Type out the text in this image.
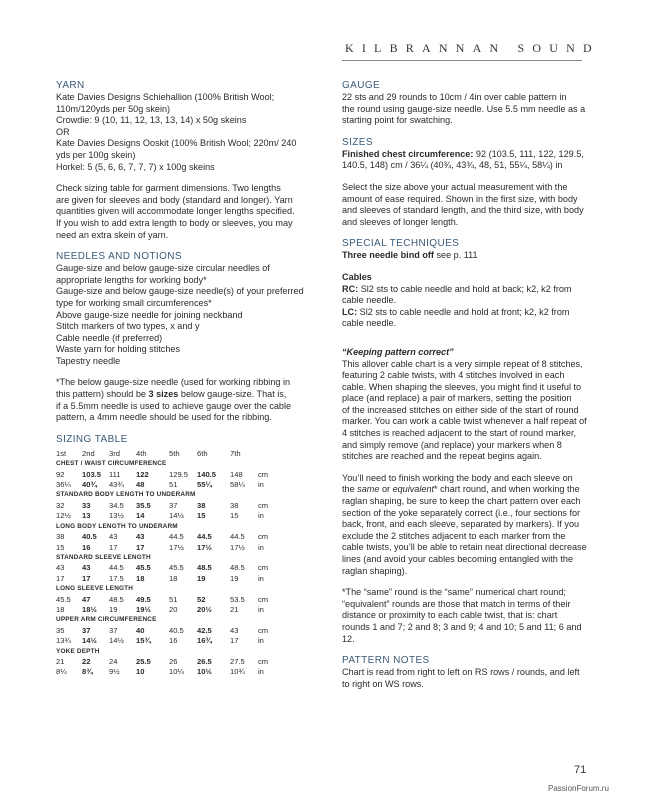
KILBRANNAN SOUND
YARN

Kate Davies Designs Schiehallion (100% British Wool;

110m/120yds per 50g skein)

Crowdie: 9 (10, 11, 12, 13, 13, 14) x 50g skeins

OR

Kate Davies Designs Ooskit (100% British Wool; 220m/ 240

yds per 100g skein)

Horkel: 5 (5, 6, 6, 7, 7, 7) x 100g skeins

Check sizing table for garment dimensions. Two lengths

are given for sleeves and body (standard and longer). Yarn

quantities given will accommodate longer lengths specified.

If you wish to add extra length to body or sleeves, you may

need an extra skein of yarn.

NEEDLES AND NOTIONS

Gauge-size and below gauge-size circular needles of

appropriate lengths for working body*

Gauge-size and below gauge-size needle(s) of your preferred

type for working small circumferences*

Above gauge-size needle for joining neckband

Stitch markers of two types, x and y

Cable needle (if preferred)

Waste yarn for holding stitches

Tapestry needle

*The below gauge-size needle (used for working ribbing in

this pattern) should be 3 sizes below gauge-size. That is,

if a 5.5mm needle is used to achieve gauge over the cable

pattern, a 4mm needle should be used for the ribbing.

SIZING TABLE
1st	2nd	3rd	4th	5th	6th	7th	
CHEST / WAIST CIRCUMFERENCE							
92	103.5	111	122	129.5	140.5	148	cm
36¼	40¾	43¾	48	51	55¼	58¼	in
STANDARD BODY LENGTH TO UNDERARM							
32	33	34.5	35.5	37	38	38	cm
12½	13	13½	14	14½	15	15	in
LONG BODY LENGTH TO UNDERARM							
38	40.5	43	43	44.5	44.5	44.5	cm
15	16	17	17	17½	17½	17½	in
STANDARD SLEEVE LENGTH							
43	43	44.5	45.5	45.5	48.5	48.5	cm
17	17	17.5	18	18	19	19	in
LONG SLEEVE LENGTH							
45.5	47	48.5	49.5	51	52	53.5	cm
18	18½	19	19½	20	20½	21	in
UPPER ARM CIRCUMFERENCE							
35	37	37	40	40.5	42.5	43	cm
13¾	14½	14½	15¾	16	16¾	17	in
YOKE DEPTH							
21	22	24	25.5	26	26.5	27.5	cm
8¼	8¾	9½	10	10¼	10½	10¾	in
GAUGE

22 sts and 29 rounds to 10cm / 4in over cable pattern in

the round using gauge-size needle. Use 5.5 mm needle as a

starting point for swatching.

SIZES

Finished chest circumference: 92 (103.5, 111, 122, 129.5,

140.5, 148) cm / 36¼ (40¾, 43¾, 48, 51, 55¼, 58¼) in

Select the size above your actual measurement with the

amount of ease required. Shown in the first size, with body

and sleeves of standard length, and the third size, with body

and sleeves of longer length.

SPECIAL TECHNIQUES

Three needle bind off see p. 111

Cables

RC: Sl2 sts to cable needle and hold at back; k2, k2 from

cable needle.

LC: Sl2 sts to cable needle and hold at front; k2, k2 from

cable needle.

“Keeping pattern correct”

This allover cable chart is a very simple repeat of 8 stitches,

featuring 2 cable twists, with 4 stitches involved in each

cable. When shaping the sleeves, you might find it useful to

place (and replace) a pair of markers, setting the position

of the increased stitches on either side of the start of round

marker. You can work a cable twist whenever a half repeat of

4 stitches is reached adjacent to the start of round marker,

and simply remove (and replace) your markers when 8

stitches are reached and the repeat begins again.

You’ll need to finish working the body and each sleeve on

the same or equivalent* chart round, and when working the

raglan shaping, be sure to keep the chart pattern over each

section of the yoke separately correct (i.e., four sections for

back, front, and each sleeve, separated by markers). If you

exclude the 2 stitches adjacent to each marker from the

cable twists, you’ll be able to retain neat directional decrease

lines (and avoid your cables becoming entangled with the

raglan shaping).

*The “same” round is the “same” numerical chart round;

“equivalent” rounds are those that match in terms of their

distance or proximity to each cable twist, that is: chart

rounds 1 and 7; 2 and 8; 3 and 9; 4 and 10; 5 and 11; 6 and

12.

PATTERN NOTES

Chart is read from right to left on RS rows / rounds, and left

to right on WS rows.

71
PassionForum.ru
